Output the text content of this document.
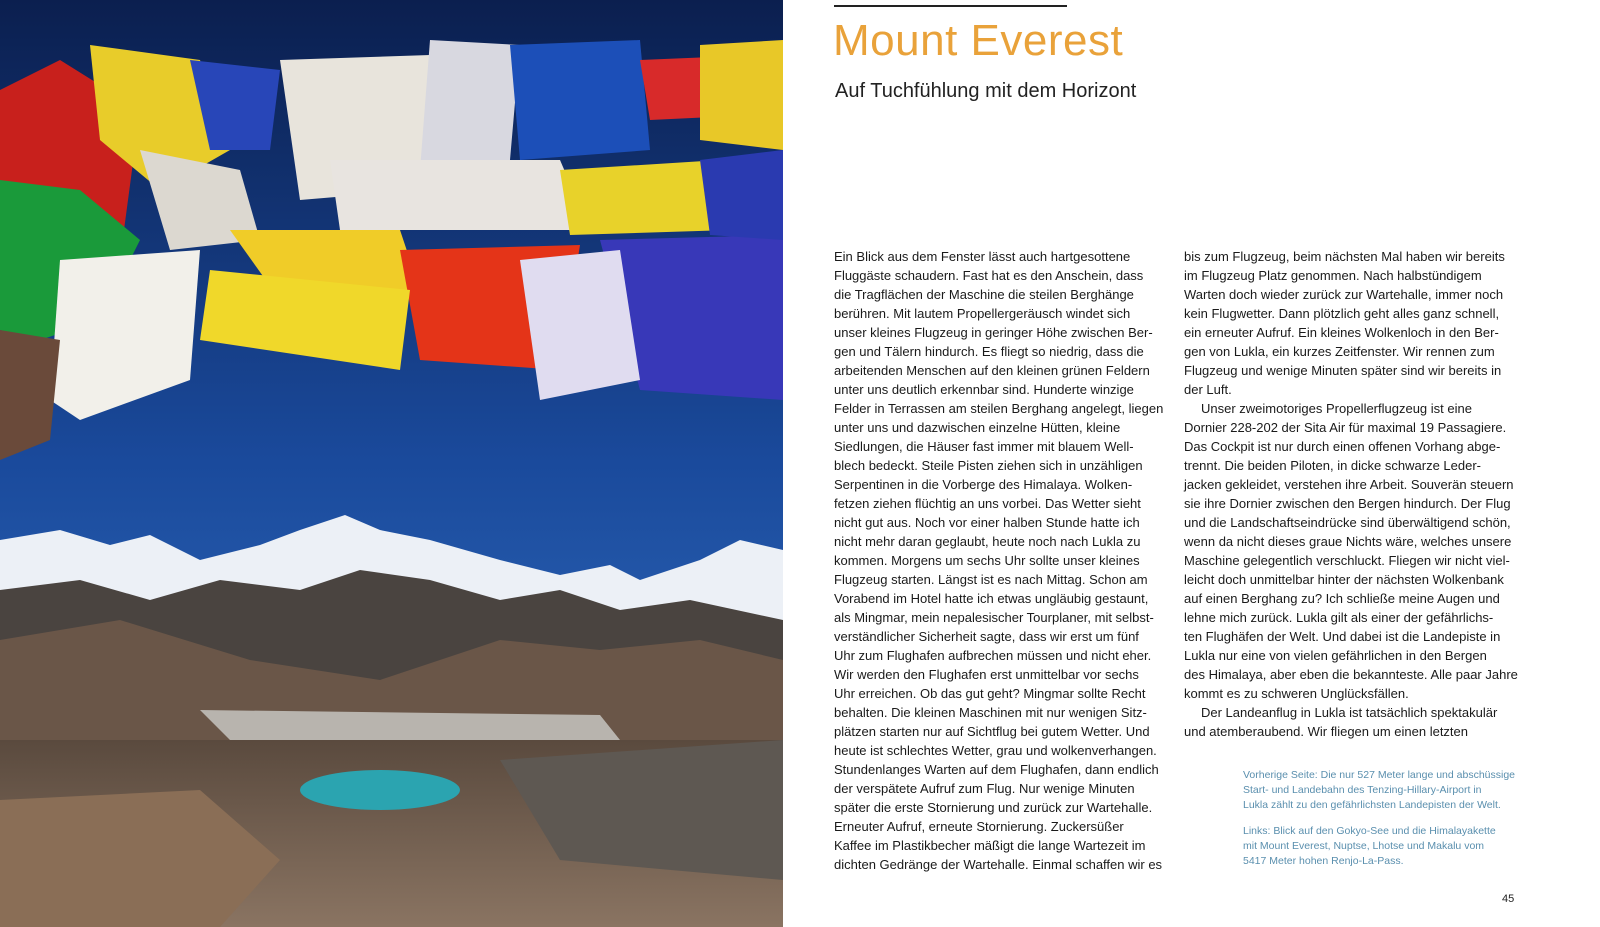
Mount Everest
Auf Tuchfühlung mit dem Horizont
Ein Blick aus dem Fenster lässt auch hartgesottene
Fluggäste schaudern. Fast hat es den Anschein, dass
die Tragflächen der Maschine die steilen Berghänge
berühren. Mit lautem Propellergeräusch windet sich
unser kleines Flugzeug in geringer Höhe zwischen Ber-
gen und Tälern hindurch. Es fliegt so niedrig, dass die
arbeitenden Menschen auf den kleinen grünen Feldern
unter uns deutlich erkennbar sind. Hunderte winzige
Felder in Terrassen am steilen Berghang angelegt, liegen
unter uns und dazwischen einzelne Hütten, kleine
Siedlungen, die Häuser fast immer mit blauem Well-
blech bedeckt. Steile Pisten ziehen sich in unzähligen
Serpentinen in die Vorberge des Himalaya. Wolken-
fetzen ziehen flüchtig an uns vorbei. Das Wetter sieht
nicht gut aus. Noch vor einer halben Stunde hatte ich
nicht mehr daran geglaubt, heute noch nach Lukla zu
kommen. Morgens um sechs Uhr sollte unser kleines
Flugzeug starten. Längst ist es nach Mittag. Schon am
Vorabend im Hotel hatte ich etwas ungläubig gestaunt,
als Mingmar, mein nepalesischer Tourplaner, mit selbst-
verständlicher Sicherheit sagte, dass wir erst um fünf
Uhr zum Flughafen aufbrechen müssen und nicht eher.
Wir werden den Flughafen erst unmittelbar vor sechs
Uhr erreichen. Ob das gut geht? Mingmar sollte Recht
behalten. Die kleinen Maschinen mit nur wenigen Sitz-
plätzen starten nur auf Sichtflug bei gutem Wetter. Und
heute ist schlechtes Wetter, grau und wolkenverhangen.
Stundenlanges Warten auf dem Flughafen, dann endlich
der verspätete Aufruf zum Flug. Nur wenige Minuten
später die erste Stornierung und zurück zur Wartehalle.
Erneuter Aufruf, erneute Stornierung. Zuckersüßer
Kaffee im Plastikbecher mäßigt die lange Wartezeit im
dichten Gedränge der Wartehalle. Einmal schaffen wir es
bis zum Flugzeug, beim nächsten Mal haben wir bereits
im Flugzeug Platz genommen. Nach halbstündigem
Warten doch wieder zurück zur Wartehalle, immer noch
kein Flugwetter. Dann plötzlich geht alles ganz schnell,
ein erneuter Aufruf. Ein kleines Wolkenloch in den Ber-
gen von Lukla, ein kurzes Zeitfenster. Wir rennen zum
Flugzeug und wenige Minuten später sind wir bereits in
der Luft.
Unser zweimotoriges Propellerflugzeug ist eine
Dornier 228-202 der Sita Air für maximal 19 Passagiere.
Das Cockpit ist nur durch einen offenen Vorhang abge-
trennt. Die beiden Piloten, in dicke schwarze Leder-
jacken gekleidet, verstehen ihre Arbeit. Souverän steuern
sie ihre Dornier zwischen den Bergen hindurch. Der Flug
und die Landschaftseindrücke sind überwältigend schön,
wenn da nicht dieses graue Nichts wäre, welches unsere
Maschine gelegentlich verschluckt. Fliegen wir nicht viel-
leicht doch unmittelbar hinter der nächsten Wolkenbank
auf einen Berghang zu? Ich schließe meine Augen und
lehne mich zurück. Lukla gilt als einer der gefährlichs-
ten Flughäfen der Welt. Und dabei ist die Landepiste in
Lukla nur eine von vielen gefährlichen in den Bergen
des Himalaya, aber eben die bekannteste. Alle paar Jahre
kommt es zu schweren Unglücksfällen.
Der Landeanflug in Lukla ist tatsächlich spektakulär
und atemberaubend. Wir fliegen um einen letzten
Vorherige Seite: Die nur 527 Meter lange und abschüssige
Start- und Landebahn des Tenzing-Hillary-Airport in
Lukla zählt zu den gefährlichsten Landepisten der Welt.
Links: Blick auf den Gokyo-See und die Himalayakette
mit Mount Everest, Nuptse, Lhotse und Makalu vom
5417 Meter hohen Renjo-La-Pass.
45
